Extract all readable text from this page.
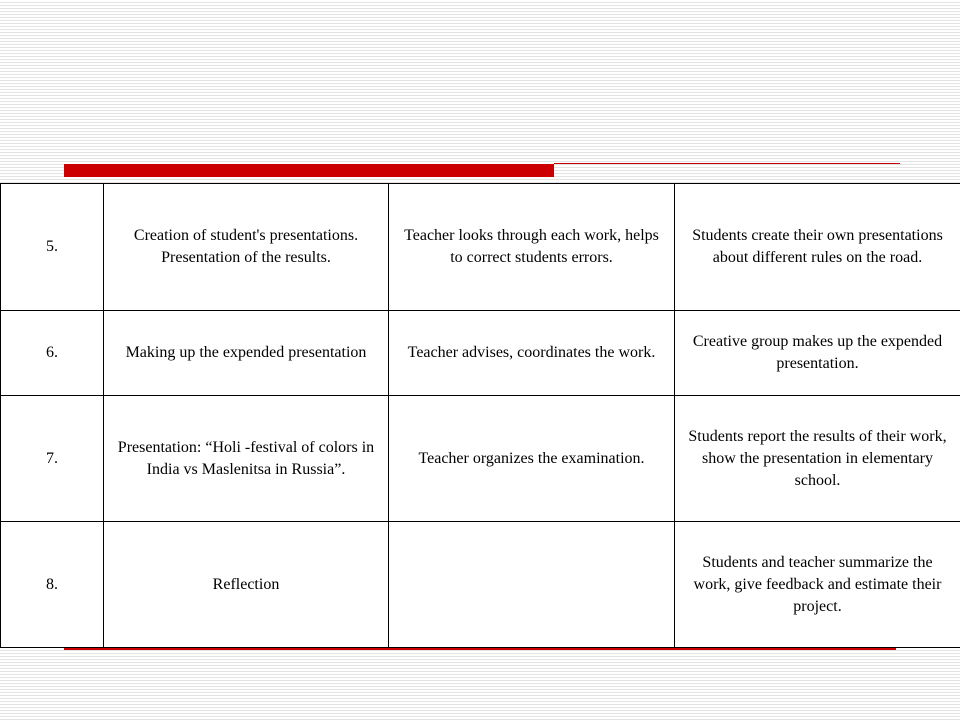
5.	Creation of student's presentations. Presentation of the results.	Teacher looks through each work, helps to correct students errors.	Students create their own presentations about different rules on the road.
6.	Making up the expended presentation	Teacher advises, coordinates the work.	Creative group makes up the expended presentation.
7.	Presentation: “Holi -festival of colors in India vs Maslenitsa in Russia”.	Teacher organizes the examination.	Students report the results of their work, show the presentation in elementary school.
8.	Reflection		Students and teacher summarize the work, give feedback and estimate their project.
